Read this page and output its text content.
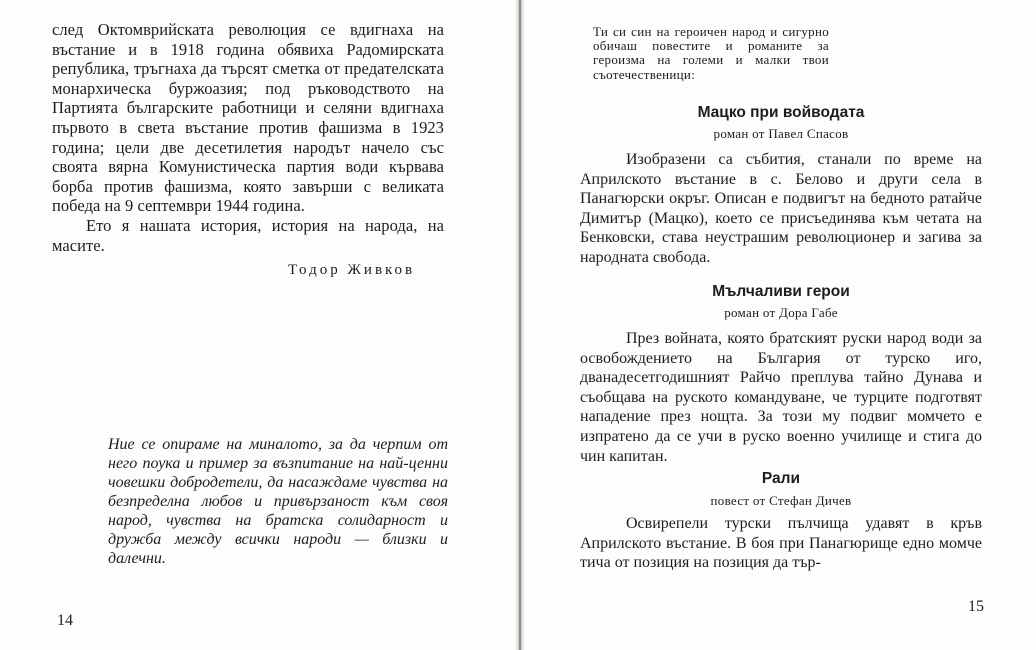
след Октомврийската революция се вдигнаха на въстание и в 1918 година обявиха Радомирската република, тръгнаха да търсят сметка от предателската монархическа буржоазия; под ръководството на Партията българските работници и селяни вдигнаха първото в света въстание против фашизма в 1923 година; цели две десетилетия народът начело със своята вярна Комунистическа партия води кървава борба против фашизма, която завърши с великата победа на 9 септември 1944 година.

Ето я нашата история, история на народа, на масите.

Тодор Живков

Ние се опираме на миналото, за да черпим от него поука и пример за възпитание на най-ценни човешки добродетели, да насаждаме чувства на безпределна любов и привързаност към своя народ, чувства на братска солидарност и дружба между всички народи — близки и далечни.

14

Ти си син на героичен народ и сигурно обичаш повестите и романите за героизма на големи и малки твои съотечественици:

Мацко при войводата
роман от Павел Спасов

Изобразени са събития, станали по време на Априлското въстание в с. Белово и други села в Панагюрски окръг. Описан е подвигът на бедното ратайче Димитър (Мацко), което се присъединява към четата на Бенковски, става неустрашим революционер и загива за народната свобода.

Мълчаливи герои
роман от Дора Габе

През войната, която братският руски народ води за освобождението на България от турско иго, дванадесетгодишният Райчо преплува тайно Дунава и съобщава на руското командуване, че турците подготвят нападение през нощта. За този му подвиг момчето е изпратено да се учи в руско военно училище и стига до чин капитан.

Рали
повест от Стефан Дичев

Освирепели турски пълчища удавят в кръв Априлското въстание. В боя при Панагюрище едно момче тича от позиция на позиция да тър-

15
